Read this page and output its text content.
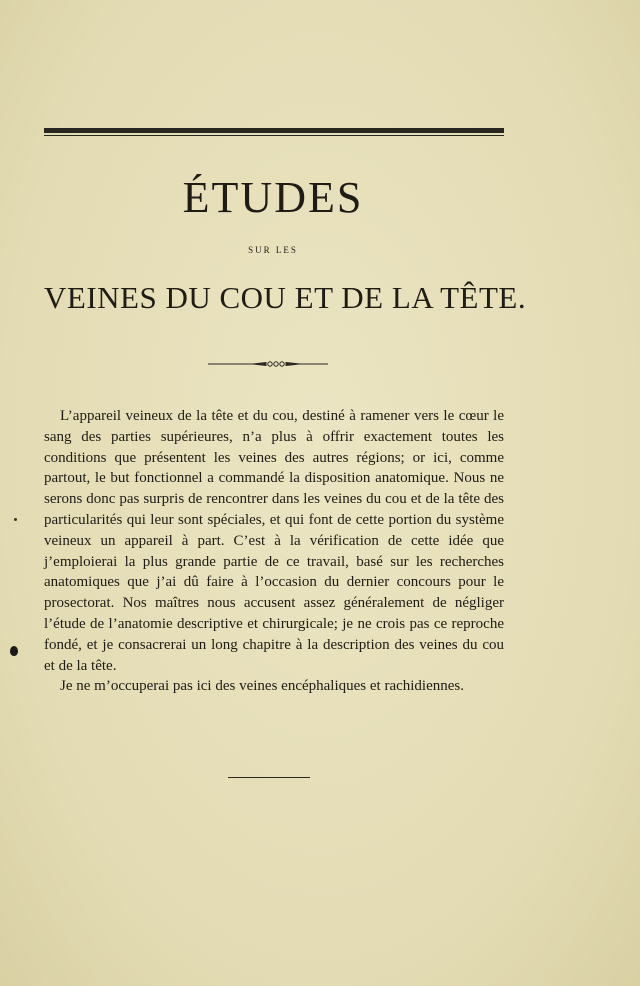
ÉTUDES
SUR LES
VEINES DU COU ET DE LA TÊTE.

L’appareil veineux de la tête et du cou, destiné à ramener vers le cœur le sang des parties supérieures, n’a plus à offrir exactement toutes les conditions que présentent les veines des autres régions; or ici, comme partout, le but fonctionnel a commandé la disposition anatomique. Nous ne serons donc pas surpris de rencontrer dans les veines du cou et de la tête des particularités qui leur sont spéciales, et qui font de cette portion du système veineux un appareil à part. C’est à la vérification de cette idée que j’emploierai la plus grande partie de ce travail, basé sur les recherches anatomiques que j’ai dû faire à l’occasion du dernier concours pour le prosectorat. Nos maîtres nous accusent assez généralement de négliger l’étude de l’anatomie descriptive et chirurgicale; je ne crois pas ce reproche fondé, et je consacrerai un long chapitre à la description des veines du cou et de la tête.

Je ne m’occuperai pas ici des veines encéphaliques et rachidiennes.
